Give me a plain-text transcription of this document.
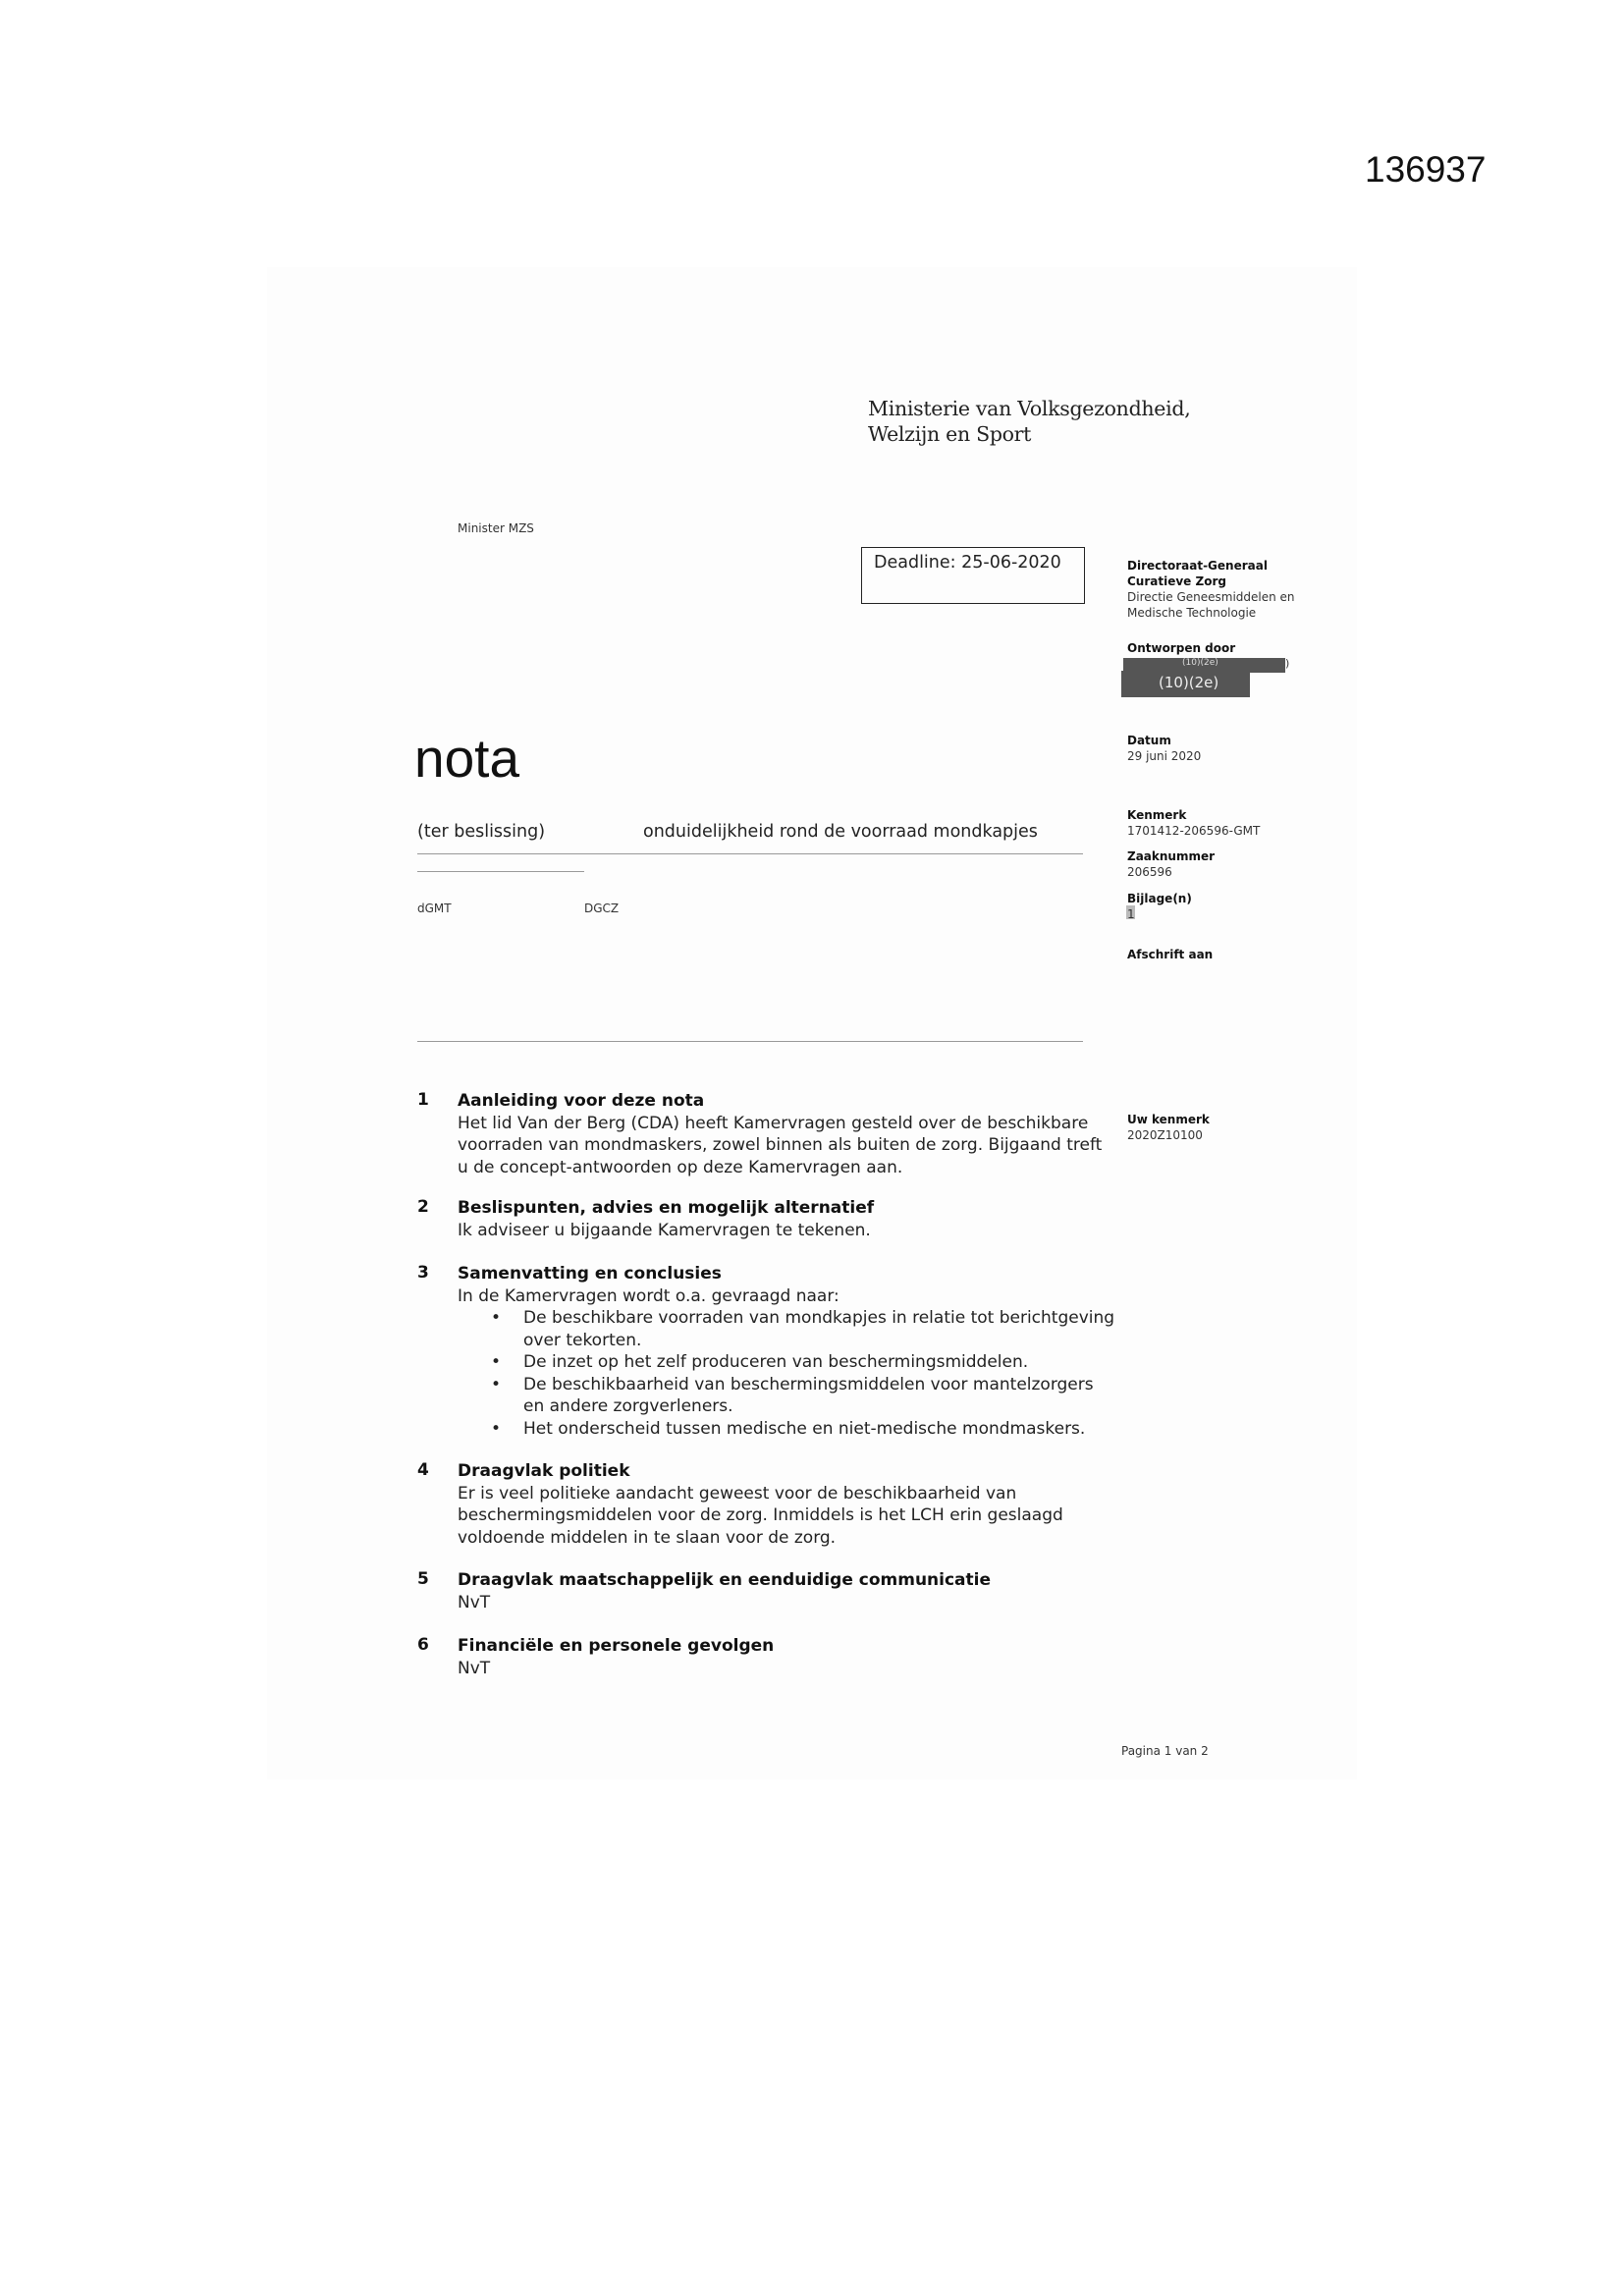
136937
Ministerie van Volksgezondheid,
Welzijn en Sport
Minister MZS
Deadline: 25-06-2020	Directoraat-Generaal
Curatieve Zorg
Directie Geneesmiddelen en
Medische Technologie
Ontworpen door
(10)(2e)	)
(10)(2e)
Datum
29 juni 2020
Kenmerk
1701412-206596-GMT
Zaaknummer
206596
Bijlage(n)
1
Afschrift aan
Uw kenmerk
2020Z10100
nota
(ter beslissing)	onduidelijkheid rond de voorraad mondkapjes
dGMT	DGCZ
1 Aanleiding voor deze nota
Het lid Van der Berg (CDA) heeft Kamervragen gesteld over de beschikbare
voorraden van mondmaskers, zowel binnen als buiten de zorg. Bijgaand treft
u de concept-antwoorden op deze Kamervragen aan.
2 Beslispunten, advies en mogelijk alternatief
Ik adviseer u bijgaande Kamervragen te tekenen.
3 Samenvatting en conclusies
In de Kamervragen wordt o.a. gevraagd naar:
• De beschikbare voorraden van mondkapjes in relatie tot berichtgeving
over tekorten.
• De inzet op het zelf produceren van beschermingsmiddelen.
• De beschikbaarheid van beschermingsmiddelen voor mantelzorgers
en andere zorgverleners.
• Het onderscheid tussen medische en niet-medische mondmaskers.
4 Draagvlak politiek
Er is veel politieke aandacht geweest voor de beschikbaarheid van
beschermingsmiddelen voor de zorg. Inmiddels is het LCH erin geslaagd
voldoende middelen in te slaan voor de zorg.
5 Draagvlak maatschappelijk en eenduidige communicatie
NvT
6 Financiële en personele gevolgen
NvT
Pagina 1 van 2
